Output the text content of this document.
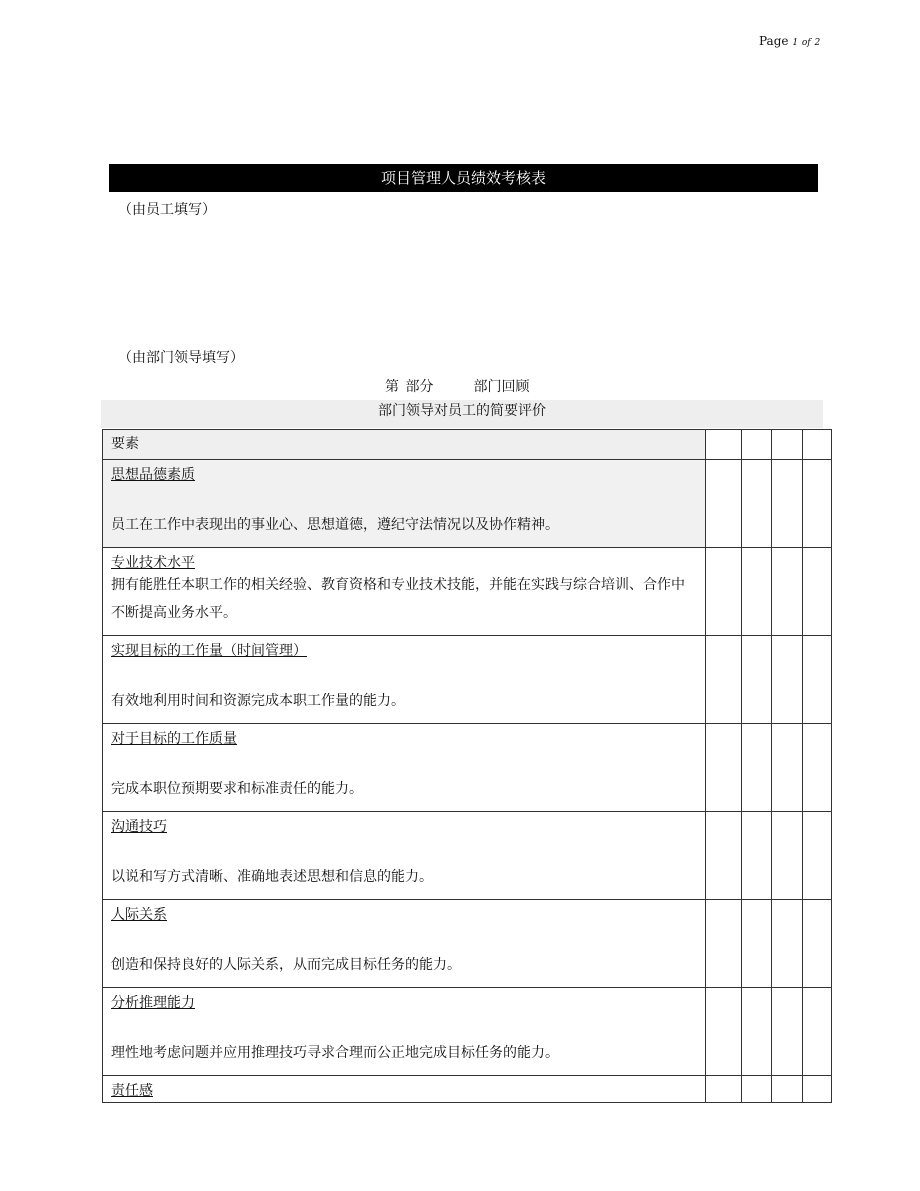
Page 1 of 2
项目管理人员绩效考核表
（由员工填写）
（由部门领导填写）
第 部分	部门回顾
部门领导对员工的简要评价
要素				

思想品德素质
员工在工作中表现出的事业心、思想道德，遵纪守法情况以及协作精神。				

专业技术水平
拥有能胜任本职工作的相关经验、教育资格和专业技术技能，并能在实践与综合培训、合作中不断提高业务水平。				

实现目标的工作量（时间管理）
有效地利用时间和资源完成本职工作量的能力。				

对于目标的工作质量
完成本职位预期要求和标准责任的能力。				

沟通技巧
以说和写方式清晰、准确地表述思想和信息的能力。				

人际关系
创造和保持良好的人际关系，从而完成目标任务的能力。				

分析推理能力
理性地考虑问题并应用推理技巧寻求合理而公正地完成目标任务的能力。				

责任感				
